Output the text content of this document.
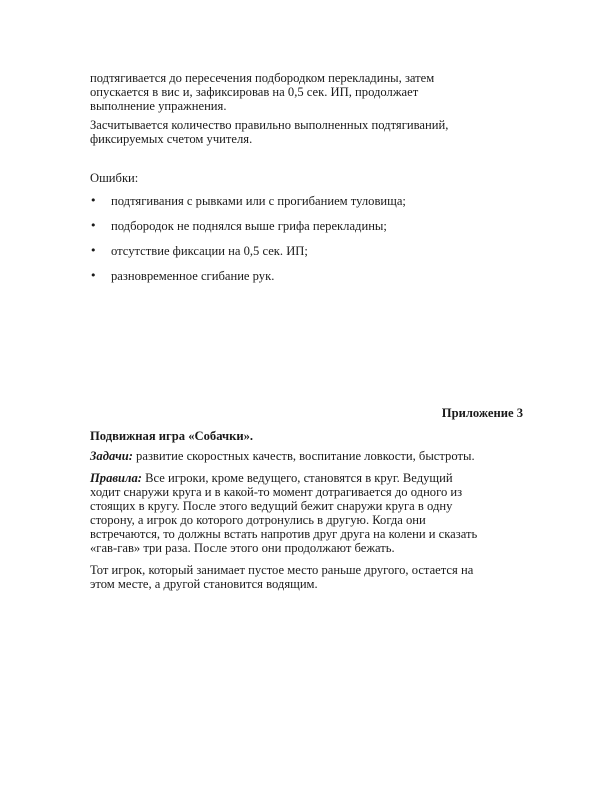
подтягивается до пересечения подбородком перекладины, затем

опускается в вис и, зафиксировав на 0,5 сек. ИП, продолжает

выполнение упражнения.

Засчитывается количество правильно выполненных подтягиваний,

фиксируемых счетом учителя.

Ошибки:
• подтягивания с рывками или с прогибанием туловища;
• подбородок не поднялся выше грифа перекладины;
• отсутствие фиксации на 0,5 сек. ИП;
• разновременное сгибание рук.
Приложение 3
Подвижная игра «Собачки».

Задачи: развитие скоростных качеств, воспитание ловкости, быстроты.

Правила: Все игроки, кроме ведущего, становятся в круг. Ведущий

ходит снаружи круга и в какой-то момент дотрагивается до одного из

стоящих в кругу. После этого ведущий бежит снаружи круга в одну

сторону, а игрок до которого дотронулись в другую. Когда они

встречаются, то должны встать напротив друг друга на колени и сказать

«гав-гав» три раза. После этого они продолжают бежать.

Тот игрок, который занимает пустое место раньше другого, остается на

этом месте, а другой становится водящим.
